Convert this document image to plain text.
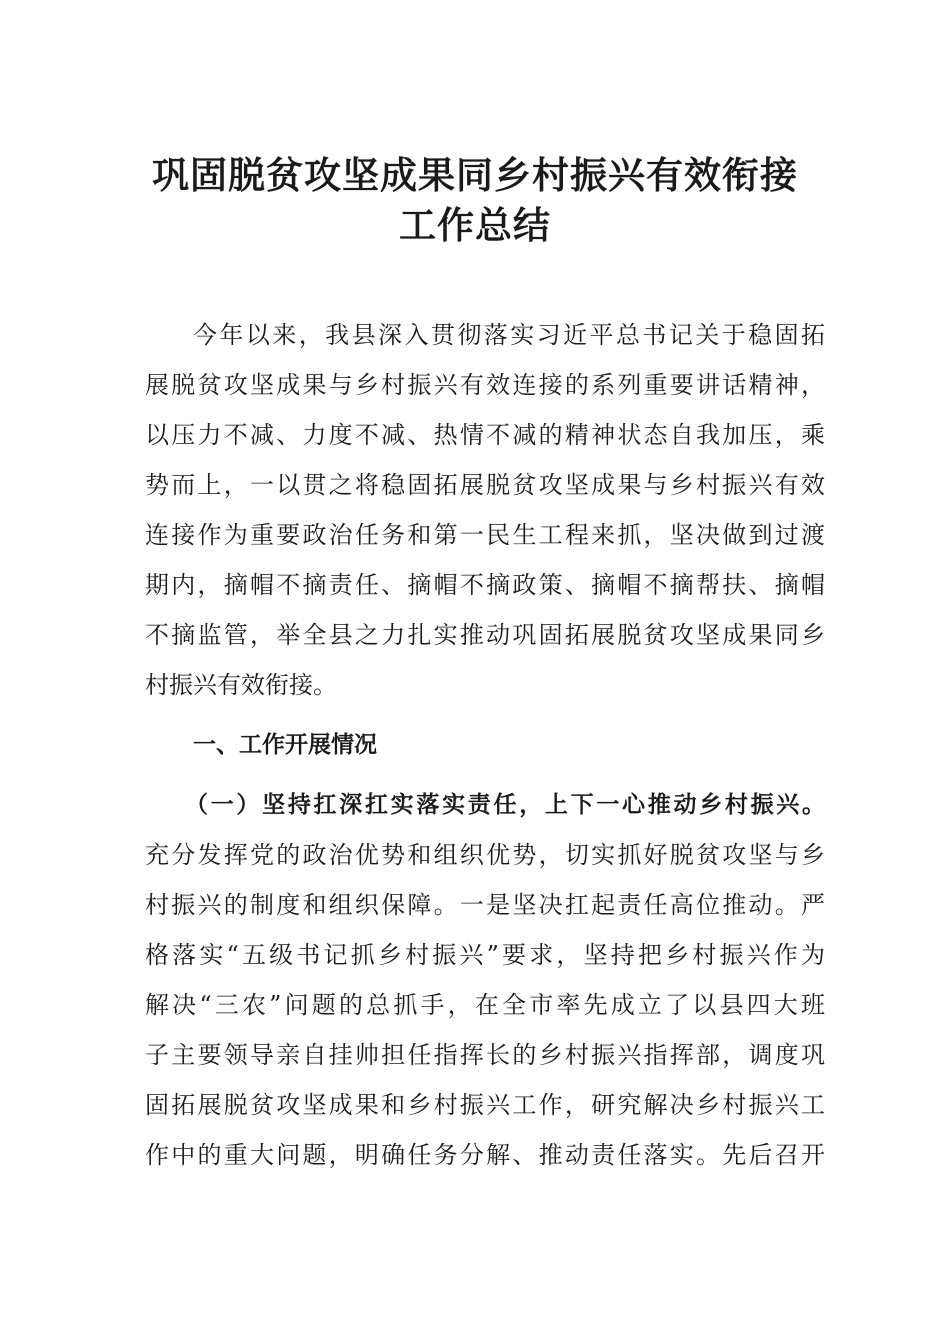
巩固脱贫攻坚成果同乡村振兴有效衔接
工作总结

今年以来，我县深入贯彻落实习近平总书记关于稳固拓

展脱贫攻坚成果与乡村振兴有效连接的系列重要讲话精神，

以压力不减、力度不减、热情不减的精神状态自我加压，乘

势而上，一以贯之将稳固拓展脱贫攻坚成果与乡村振兴有效

连接作为重要政治任务和第一民生工程来抓，坚决做到过渡

期内，摘帽不摘责任、摘帽不摘政策、摘帽不摘帮扶、摘帽

不摘监管，举全县之力扎实推动巩固拓展脱贫攻坚成果同乡

村振兴有效衔接。

一、工作开展情况

（一）坚持扛深扛实落实责任，上下一心推动乡村振兴。

充分发挥党的政治优势和组织优势，切实抓好脱贫攻坚与乡

村振兴的制度和组织保障。一是坚决扛起责任高位推动。严

格落实“五级书记抓乡村振兴”要求，坚持把乡村振兴作为

解决“三农”问题的总抓手，在全市率先成立了以县四大班

子主要领导亲自挂帅担任指挥长的乡村振兴指挥部，调度巩

固拓展脱贫攻坚成果和乡村振兴工作，研究解决乡村振兴工

作中的重大问题，明确任务分解、推动责任落实。先后召开
